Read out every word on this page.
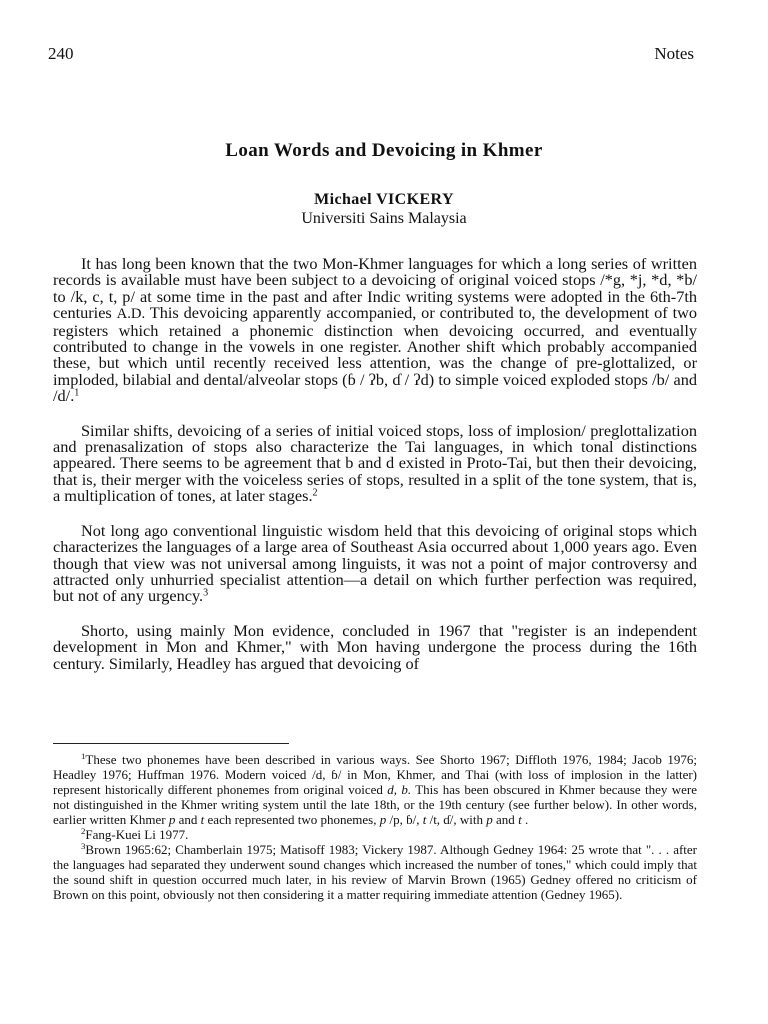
240	Notes
Loan Words and Devoicing in Khmer
Michael VICKERY
Universiti Sains Malaysia

It has long been known that the two Mon-Khmer languages for which a long series of written records is available must have been subject to a devoicing of original voiced stops /*g, *j, *d, *b/ to /k, c, t, p/ at some time in the past and after Indic writing systems were adopted in the 6th-7th centuries A.D. This devoicing apparently accompanied, or contributed to, the development of two registers which retained a phonemic distinction when devoicing occurred, and eventually contributed to change in the vowels in one register. Another shift which probably accompanied these, but which until recently received less attention, was the change of pre-glottalized, or imploded, bilabial and dental/alveolar stops (ɓ / ʔb, ɗ / ʔd) to simple voiced exploded stops /b/ and /d/.$^1$

Similar shifts, devoicing of a series of initial voiced stops, loss of implosion/ preglottalization and prenasalization of stops also characterize the Tai languages, in which tonal distinctions appeared. There seems to be agreement that b and d existed in Proto-Tai, but then their devoicing, that is, their merger with the voiceless series of stops, resulted in a split of the tone system, that is, a multiplication of tones, at later stages.$^2$

Not long ago conventional linguistic wisdom held that this devoicing of original stops which characterizes the languages of a large area of Southeast Asia occurred about 1,000 years ago. Even though that view was not universal among linguists, it was not a point of major controversy and attracted only unhurried specialist attention—a detail on which further perfection was required, but not of any urgency.$^3$

Shorto, using mainly Mon evidence, concluded in 1967 that "register is an independent development in Mon and Khmer," with Mon having undergone the process during the 16th century. Similarly, Headley has argued that devoicing of

$^1$These two phonemes have been described in various ways. See Shorto 1967; Diffloth 1976, 1984; Jacob 1976; Headley 1976; Huffman 1976. Modern voiced /d, ɓ/ in Mon, Khmer, and Thai (with loss of implosion in the latter) represent historically different phonemes from original voiced d, b. This has been obscured in Khmer because they were not distinguished in the Khmer writing system until the late 18th, or the 19th century (see further below). In other words, earlier written Khmer p and t each represented two phonemes, p /p, ɓ/, t /t, ɗ/, with p and t .

$^2$Fang-Kuei Li 1977.

$^3$Brown 1965:62; Chamberlain 1975; Matisoff 1983; Vickery 1987. Although Gedney 1964: 25 wrote that ". . . after the languages had separated they underwent sound changes which increased the number of tones," which could imply that the sound shift in question occurred much later, in his review of Marvin Brown (1965) Gedney offered no criticism of Brown on this point, obviously not then considering it a matter requiring immediate attention (Gedney 1965).
